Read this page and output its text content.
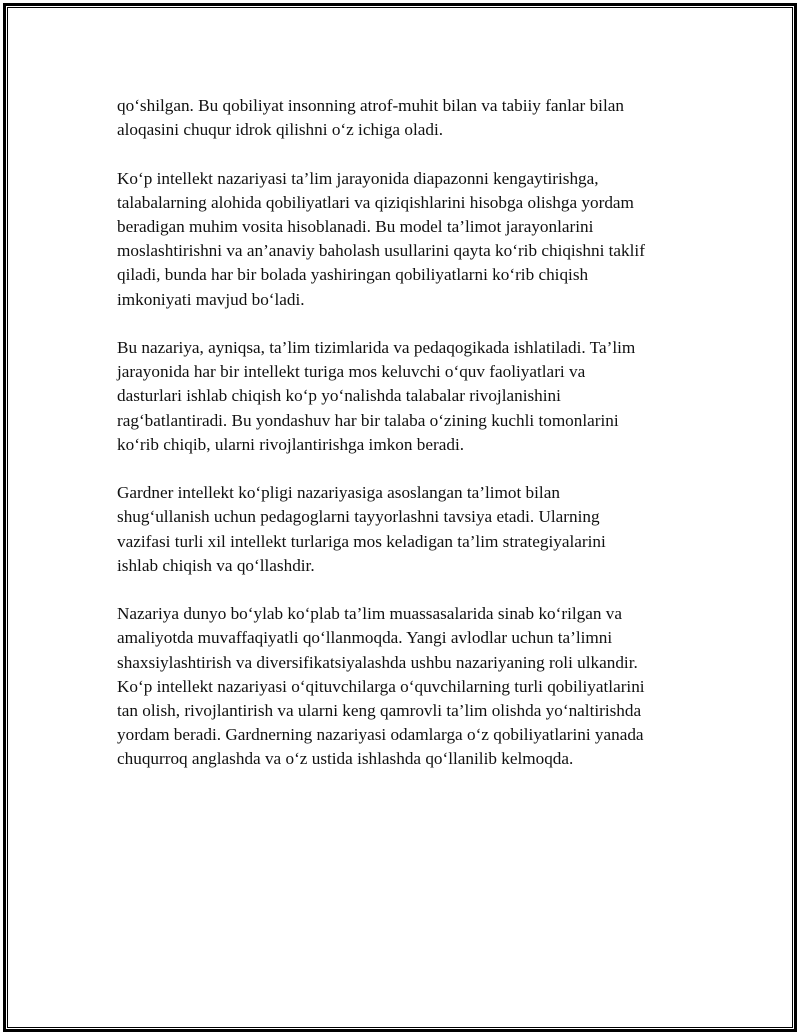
qo‘shilgan. Bu qobiliyat insonning atrof-muhit bilan va tabiiy fanlar bilan
aloqasini chuqur idrok qilishni o‘z ichiga oladi.

Ko‘p intellekt nazariyasi ta’lim jarayonida diapazonni kengaytirishga,
talabalarning alohida qobiliyatlari va qiziqishlarini hisobga olishga yordam
beradigan muhim vosita hisoblanadi. Bu model ta’limot jarayonlarini
moslashtirishni va an’anaviy baholash usullarini qayta ko‘rib chiqishni taklif
qiladi, bunda har bir bolada yashiringan qobiliyatlarni ko‘rib chiqish
imkoniyati mavjud bo‘ladi.

Bu nazariya, ayniqsa, ta’lim tizimlarida va pedaqogikada ishlatiladi. Ta’lim
jarayonida har bir intellekt turiga mos keluvchi o‘quv faoliyatlari va
dasturlari ishlab chiqish ko‘p yo‘nalishda talabalar rivojlanishini
rag‘batlantiradi. Bu yondashuv har bir talaba o‘zining kuchli tomonlarini
ko‘rib chiqib, ularni rivojlantirishga imkon beradi.

Gardner intellekt ko‘pligi nazariyasiga asoslangan ta’limot bilan
shug‘ullanish uchun pedagoglarni tayyorlashni tavsiya etadi. Ularning
vazifasi turli xil intellekt turlariga mos keladigan ta’lim strategiyalarini
ishlab chiqish va qo‘llashdir.

Nazariya dunyo bo‘ylab ko‘plab ta’lim muassasalarida sinab ko‘rilgan va
amaliyotda muvaffaqiyatli qo‘llanmoqda. Yangi avlodlar uchun ta’limni
shaxsiylashtirish va diversifikatsiyalashda ushbu nazariyaning roli ulkandir.
Ko‘p intellekt nazariyasi o‘qituvchilarga o‘quvchilarning turli qobiliyatlarini
tan olish, rivojlantirish va ularni keng qamrovli ta’lim olishda yo‘naltirishda
yordam beradi. Gardnerning nazariyasi odamlarga o‘z qobiliyatlarini yanada
chuqurroq anglashda va o‘z ustida ishlashda qo‘llanilib kelmoqda.
